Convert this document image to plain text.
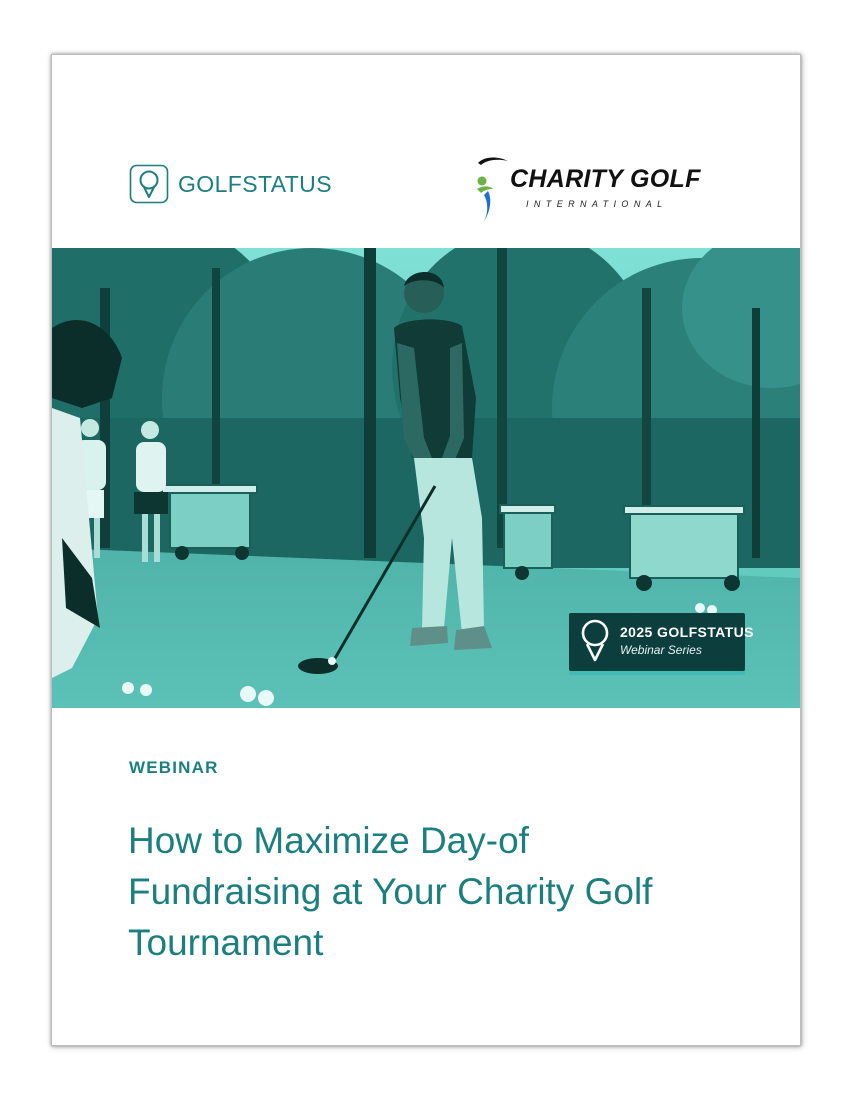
GOLFSTATUS	CHARITY GOLF
INTERNATIONAL
2025 GOLFSTATUS
Webinar Series
WEBINAR
How to Maximize Day-of Fundraising at Your Charity Golf Tournament
